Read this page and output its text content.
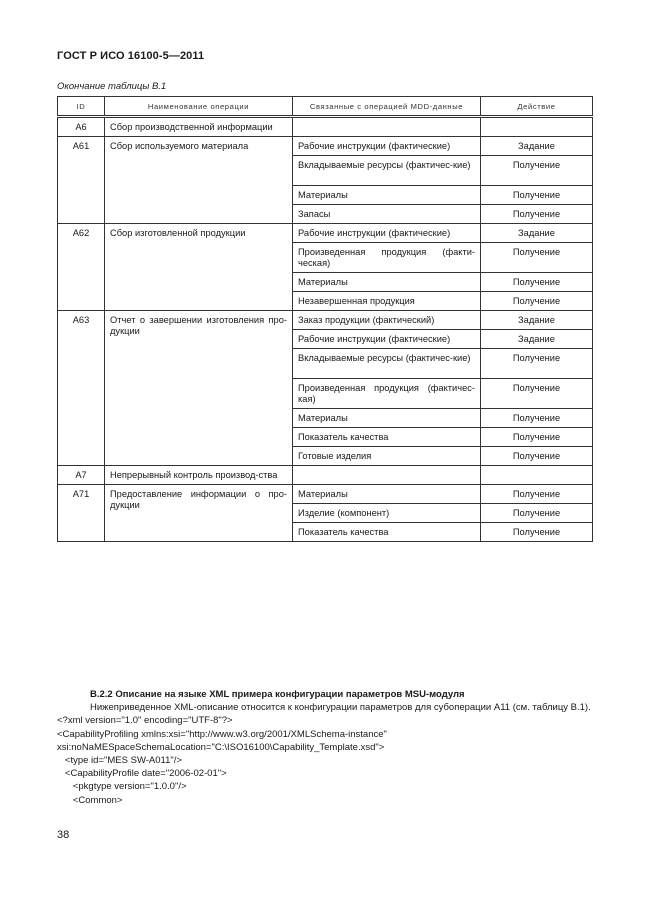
ГОСТ Р ИСО 16100-5—2011
Окончание таблицы В.1
ID	Наименование операции	Связанные с операцией MDD-данные	Действие
A6	Сбор производственной информации		
A61	Сбор используемого материала	Рабочие инструкции (фактические)	Задание
		Вкладываемые ресурсы (фактичес-кие)	Получение
		Материалы	Получение
		Запасы	Получение
A62	Сбор изготовленной продукции	Рабочие инструкции (фактические)	Задание
		Произведенная продукция (факти-ческая)	Получение
		Материалы	Получение
		Незавершенная продукция	Получение
A63	Отчет о завершении изготовления про-дукции	Заказ продукции (фактический)	Задание
		Рабочие инструкции (фактические)	Задание
		Вкладываемые ресурсы (фактичес-кие)	Получение
		Произведенная продукция (фактичес-кая)	Получение
		Материалы	Получение
		Показатель качества	Получение
		Готовые изделия	Получение
A7	Непрерывный контроль производ-ства		
A71	Предоставление информации о про-дукции	Материалы	Получение
		Изделие (компонент)	Получение
		Показатель качества	Получение
В.2.2 Описание на языке XML примера конфигурации параметров MSU-модуля

Нижеприведенное XML-описание относится к конфигурации параметров для субоперации А11 (см. таблицу В.1).

<?xml version="1.0" encoding="UTF-8"?>
<CapabilityProfiling xmlns:xsi="http://www.w3.org/2001/XMLSchema-instance"
xsi:noNaMESpaceSchemaLocation="C:\ISO16100\Capability_Template.xsd">
<type id="MES SW-A011"/>
<CapabilityProfile date="2006-02-01">
<pkgtype version="1.0.0"/>
<Common>
38
